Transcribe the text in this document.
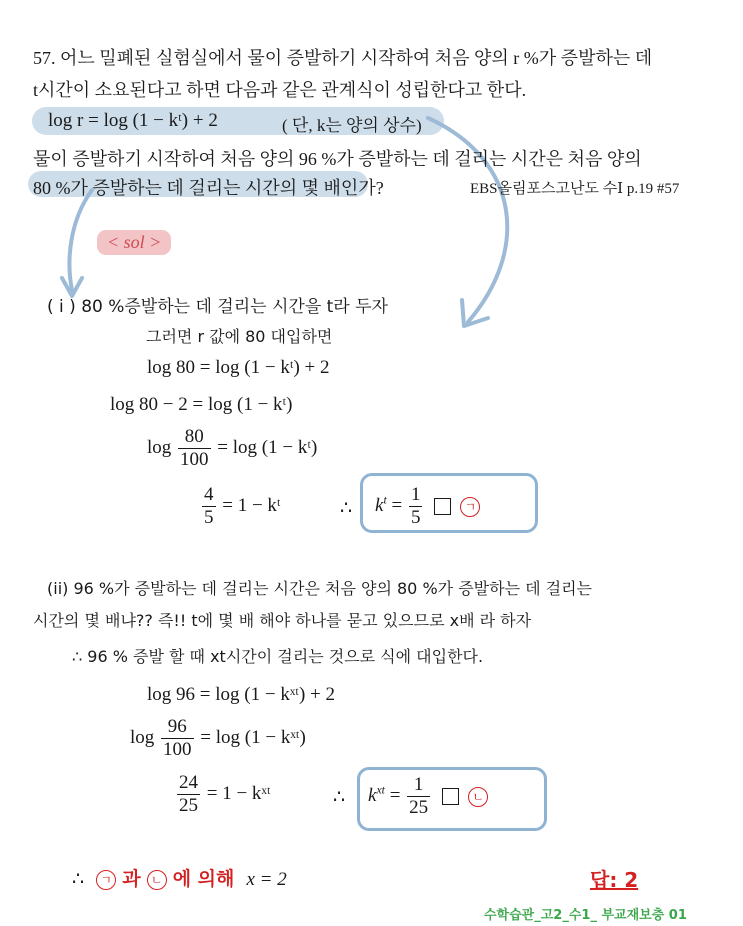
57. 어느 밀폐된 실험실에서 물이 증발하기 시작하여 처음 양의 r %가 증발하는 데
t시간이 소요된다고 하면 다음과 같은 관계식이 성립한다고 한다.
log r = log (1 − kᵗ) + 2	( 단, k는 양의 상수)
물이 증발하기 시작하여 처음 양의 96 %가 증발하는 데 걸리는 시간은 처음 양의
80 %가 증발하는 데 걸리는 시간의 몇 배인가?	EBS올림포스고난도 수Ⅰ p.19 #57
< sol >
( i ) 80 %증발하는 데 걸리는 시간을 t라 두자
그러면 r 값에 80 대입하면
log 80 = log (1 − kᵗ) + 2
log 80 − 2 = log (1 − kᵗ)
$\log \frac{80}{100} = \log (1$ − kᵗ)
$\frac{4}{5} = 1$ − kᵗ	∴ $k^t = \frac{1}{5}$	ㄱ
(ii) 96 %가 증발하는 데 걸리는 시간은 처음 양의 80 %가 증발하는 데 걸리는
시간의 몇 배냐?? 즉!! t에 몇 배 해야 하나를 묻고 있으므로 x배 라 하자
∴ 96 % 증발 할 때 xt시간이 걸리는 것으로 식에 대입한다.
log 96 = log (1 − kˣᵗ) + 2
$\log \frac{96}{100} = \log (1$ − kˣᵗ)
$\frac{24}{25} = 1$ − kˣᵗ	∴ $k^{xt} = \frac{1}{25}$	ㄴ
∴ ㄱ 과 ㄴ 에 의해 x = 2	답: 2
수학습관_고2_수1_ 부교재보충 01
